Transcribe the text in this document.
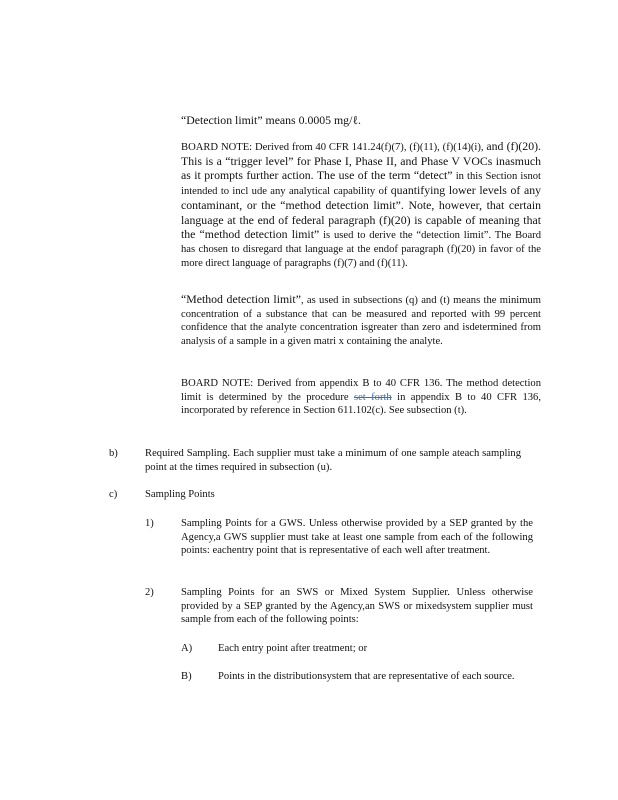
“Detection limit” means 0.0005 mg/ℓ.
BOARD NOTE: Derived from 40 CFR 141.24(f)(7), (f)(11), (f)(14)(i), and (f)(20). This is a “trigger level” for Phase I, Phase II, and Phase V VOCs inasmuch as it prompts further action. The use of the term “detect” in this Section isnot intended to incl ude any analytical capability of quantifying lower levels of any contaminant, or the “method detection limit”. Note, however, that certain language at the end of federal paragraph (f)(20) is capable of meaning that the “method detection limit” is used to derive the “detection limit”. The Board has chosen to disregard that language at the endof paragraph (f)(20) in favor of the more direct language of paragraphs (f)(7) and (f)(11).
“Method detection limit”, as used in subsections (q) and (t) means the minimum concentration of a substance that can be measured and reported with 99 percent confidence that the analyte concentration isgreater than zero and isdetermined from analysis of a sample in a given matri x containing the analyte.
BOARD NOTE: Derived from appendix B to 40 CFR 136. The method detection limit is determined by the procedure set forth in appendix B to 40 CFR 136, incorporated by reference in Section 611.102(c). See subsection (t).
b)	Required Sampling. Each supplier must take a minimum of one sample ateach sampling point at the times required in subsection (u).
c)	Sampling Points
1)	Sampling Points for a GWS. Unless otherwise provided by a SEP granted by the Agency,a GWS supplier must take at least one sample from each of the following points: eachentry point that is representative of each well after treatment.
2)	Sampling Points for an SWS or Mixed System Supplier. Unless otherwise provided by a SEP granted by the Agency,an SWS or mixedsystem supplier must sample from each of the following points:
A) Each entry point after treatment; or
B) Points in the distributionsystem that are representative of each source.
